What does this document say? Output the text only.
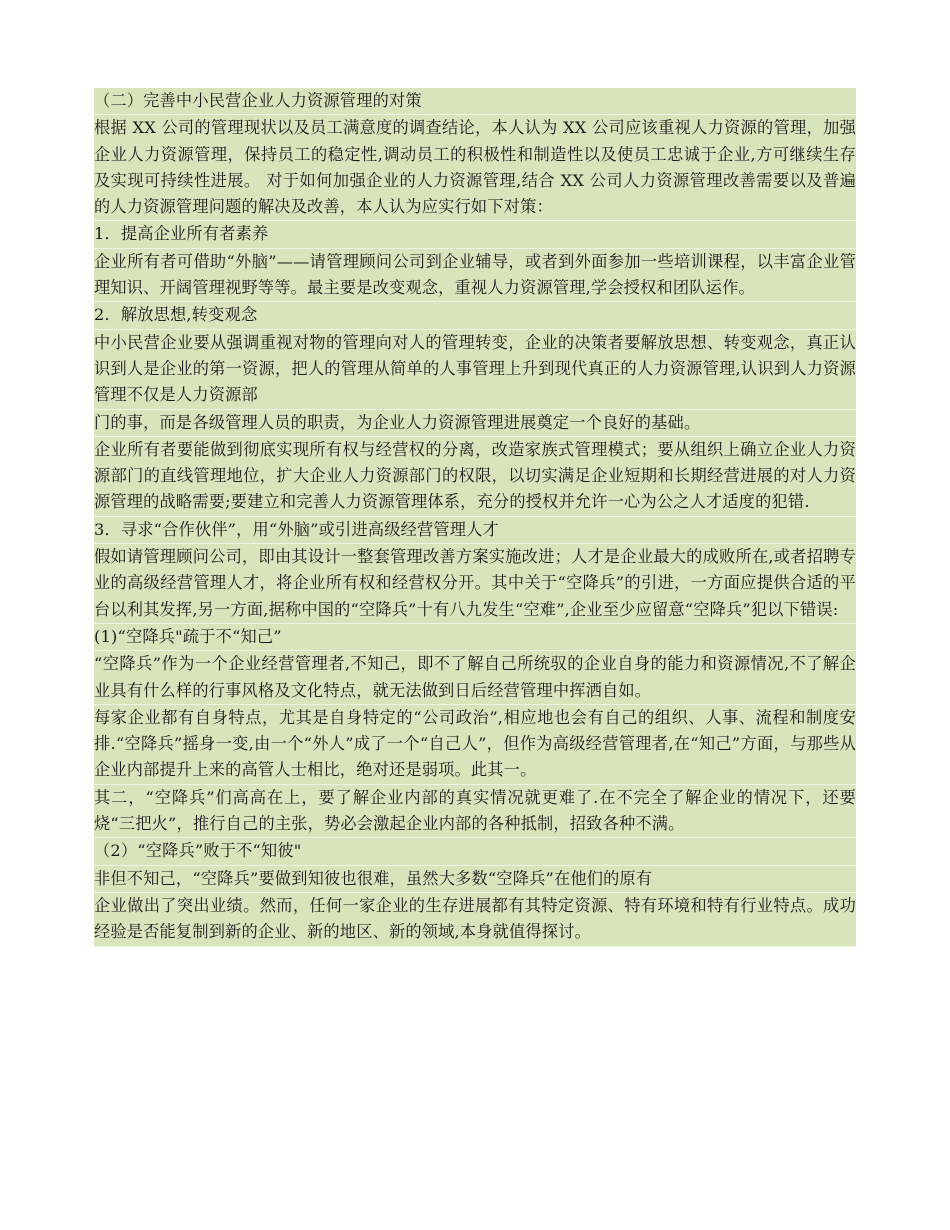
（二）完善中小民营企业人力资源管理的对策

根据 XX 公司的管理现状以及员工满意度的调查结论，本人认为 XX 公司应该重视人力资源的管理，加强企业人力资源管理，保持员工的稳定性,调动员工的积极性和制造性以及使员工忠诚于企业,方可继续生存及实现可持续性进展。 对于如何加强企业的人力资源管理,结合 XX 公司人力资源管理改善需要以及普遍的人力资源管理问题的解决及改善，本人认为应实行如下对策：

1．提高企业所有者素养

企业所有者可借助“外脑”——请管理顾问公司到企业辅导，或者到外面参加一些培训课程，以丰富企业管理知识、开阔管理视野等等。最主要是改变观念，重视人力资源管理,学会授权和团队运作。

2．解放思想,转变观念

中小民营企业要从强调重视对物的管理向对人的管理转变，企业的决策者要解放思想、转变观念，真正认识到人是企业的第一资源，把人的管理从简单的人事管理上升到现代真正的人力资源管理,认识到人力资源管理不仅是人力资源部

门的事，而是各级管理人员的职责，为企业人力资源管理进展奠定一个良好的基础。

企业所有者要能做到彻底实现所有权与经营权的分离，改造家族式管理模式；要从组织上确立企业人力资源部门的直线管理地位，扩大企业人力资源部门的权限，以切实满足企业短期和长期经营进展的对人力资源管理的战略需要;要建立和完善人力资源管理体系，充分的授权并允许一心为公之人才适度的犯错.

3．寻求“合作伙伴”，用“外脑”或引进高级经营管理人才

假如请管理顾问公司，即由其设计一整套管理改善方案实施改进；人才是企业最大的成败所在,或者招聘专业的高级经营管理人才，将企业所有权和经营权分开。其中关于“空降兵”的引进，一方面应提供合适的平台以利其发挥,另一方面,据称中国的“空降兵”十有八九发生“空难”,企业至少应留意“空降兵”犯以下错误:

(1)“空降兵"疏于不“知己”

“空降兵”作为一个企业经营管理者,不知己，即不了解自己所统驭的企业自身的能力和资源情况,不了解企业具有什么样的行事风格及文化特点，就无法做到日后经营管理中挥洒自如。

每家企业都有自身特点，尤其是自身特定的“公司政治”,相应地也会有自己的组织、人事、流程和制度安排.“空降兵”摇身一变,由一个“外人”成了一个“自己人”，但作为高级经营管理者,在“知己”方面，与那些从企业内部提升上来的高管人士相比，绝对还是弱项。此其一。

其二，“空降兵”们高高在上，要了解企业内部的真实情况就更难了.在不完全了解企业的情况下，还要烧“三把火”，推行自己的主张，势必会激起企业内部的各种抵制，招致各种不满。

（2）“空降兵”败于不“知彼"

非但不知己，“空降兵”要做到知彼也很难，虽然大多数“空降兵”在他们的原有

企业做出了突出业绩。然而，任何一家企业的生存进展都有其特定资源、特有环境和特有行业特点。成功经验是否能复制到新的企业、新的地区、新的领域,本身就值得探讨。
